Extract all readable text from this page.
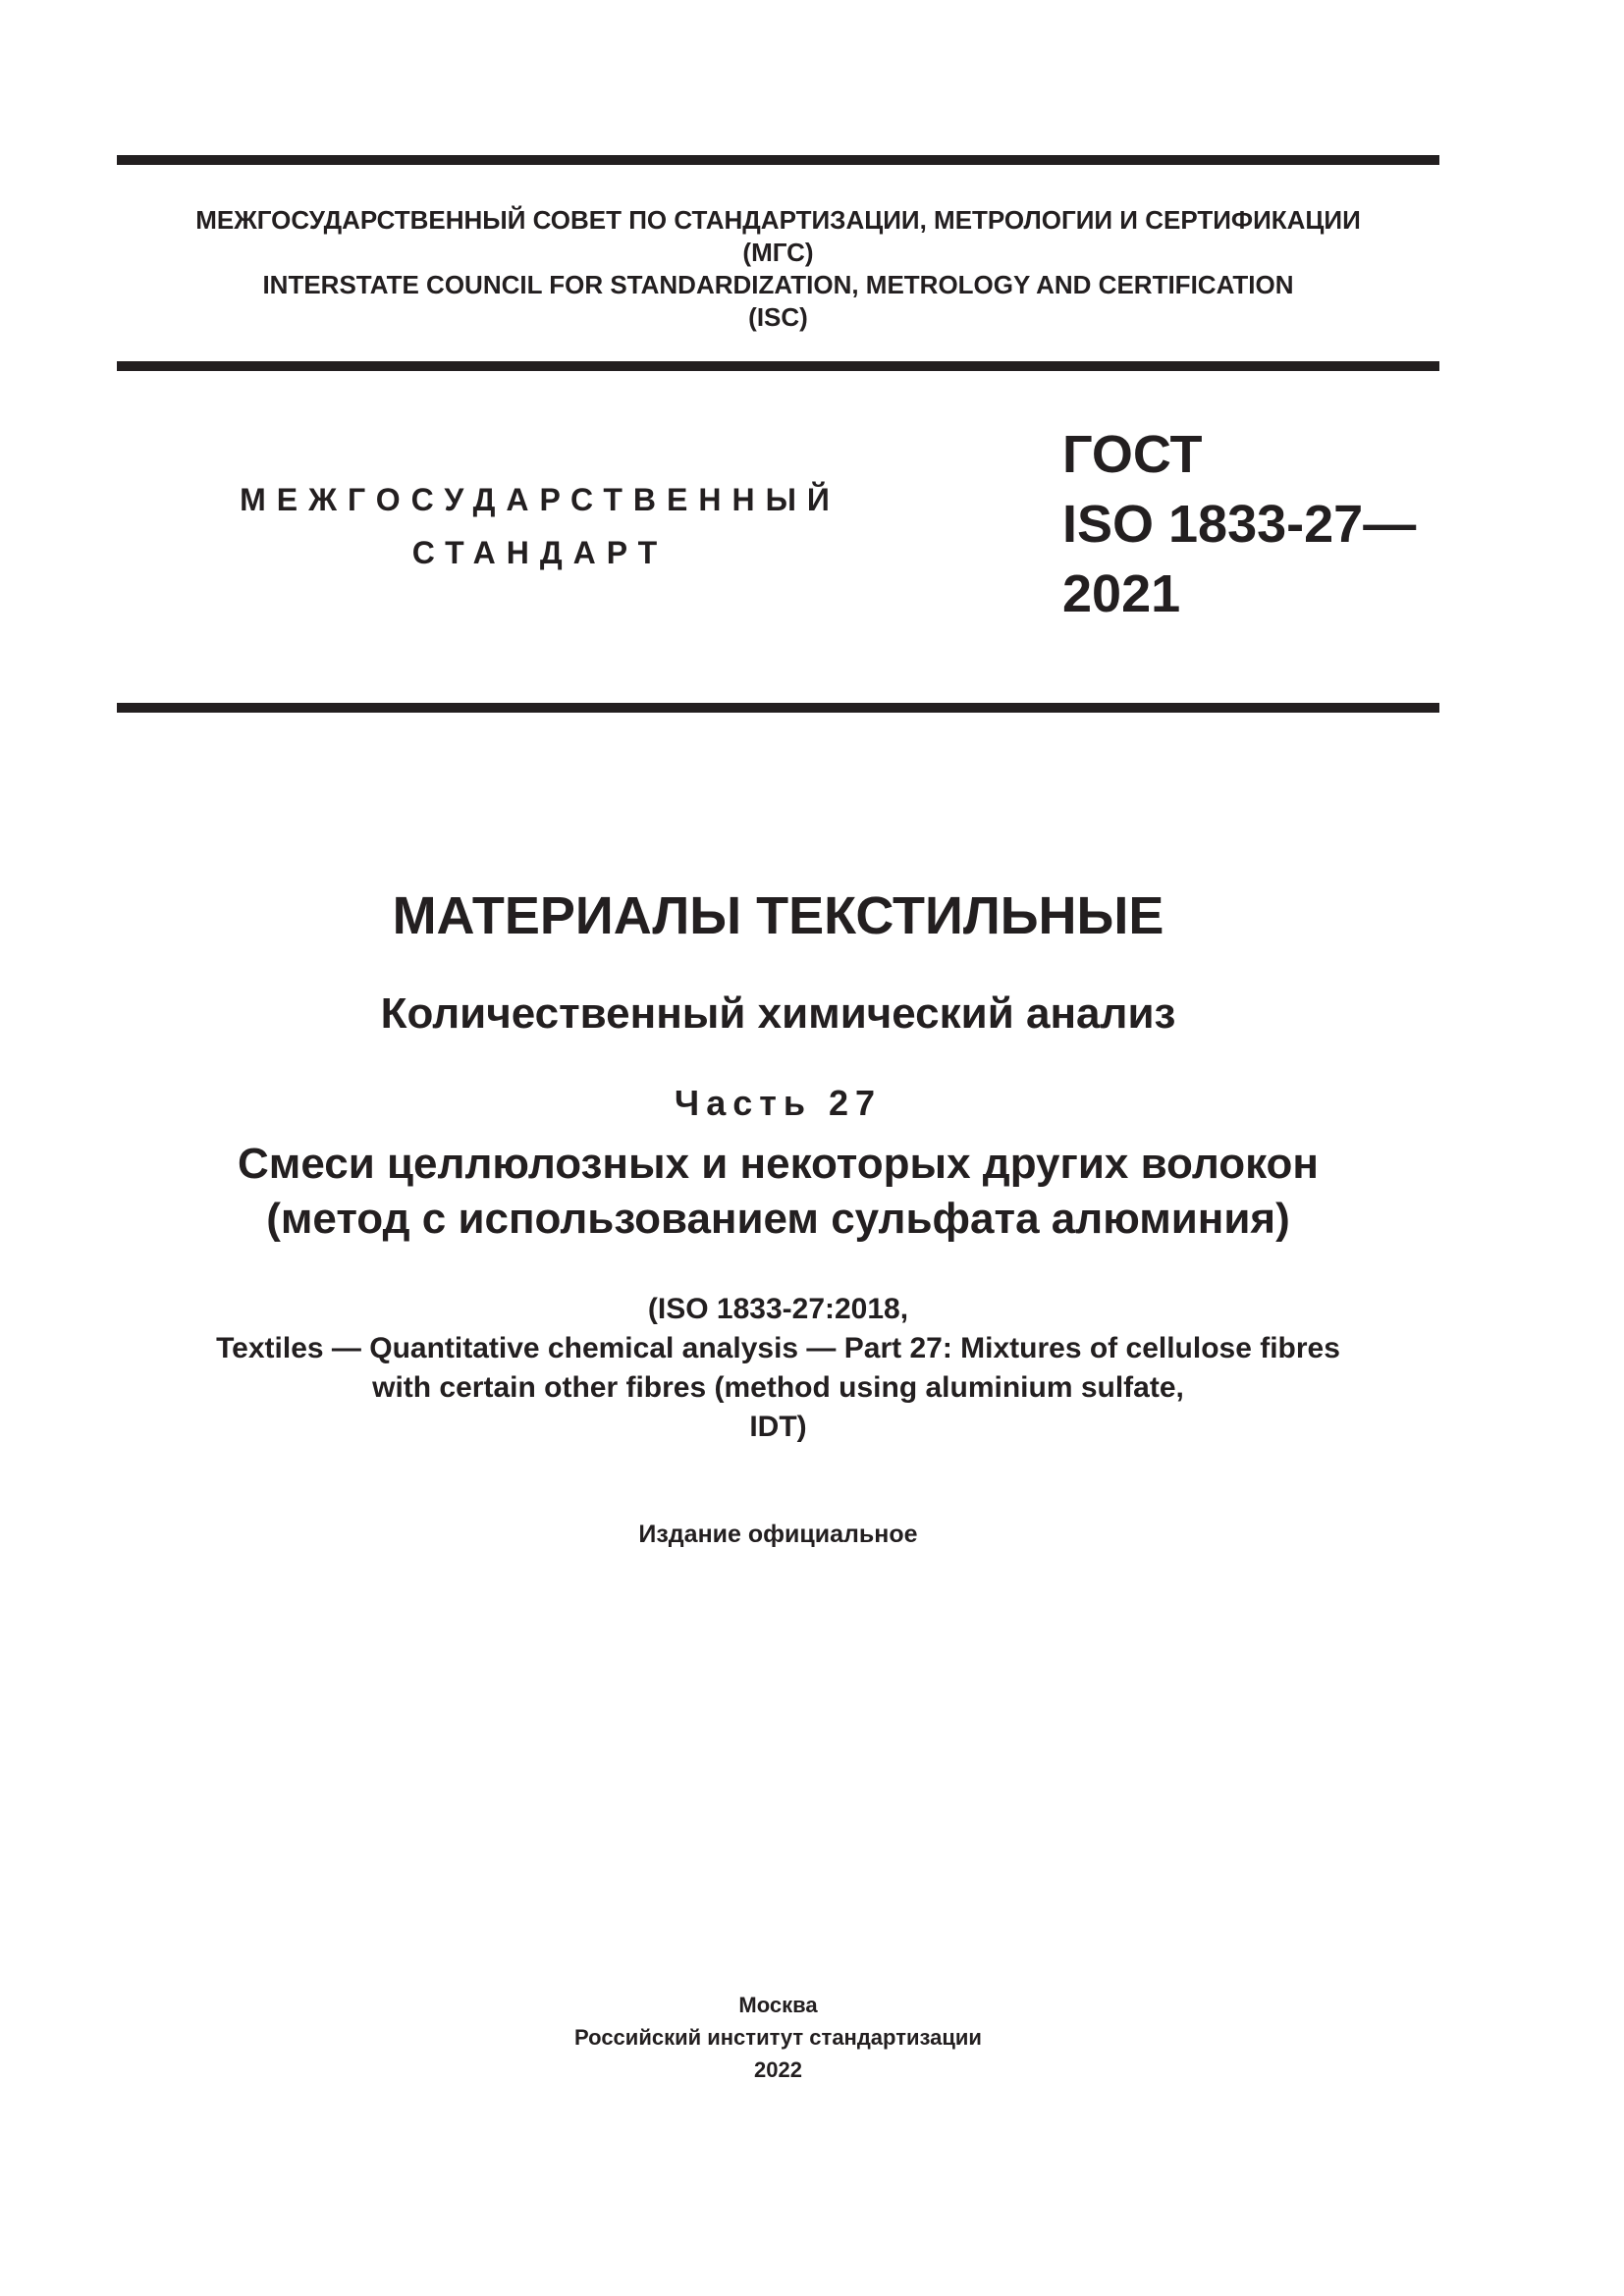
МЕЖГОСУДАРСТВЕННЫЙ СОВЕТ ПО СТАНДАРТИЗАЦИИ, МЕТРОЛОГИИ И СЕРТИФИКАЦИИ
(МГС)
INTERSTATE COUNCIL FOR STANDARDIZATION, METROLOGY AND CERTIFICATION
(ISC)
МЕЖГОСУДАРСТВЕННЫЙ
СТАНДАРТ
ГОСТ
ISO 1833-27—
2021
МАТЕРИАЛЫ ТЕКСТИЛЬНЫЕ
Количественный химический анализ
Часть 27
Смеси целлюлозных и некоторых других волокон
(метод с использованием сульфата алюминия)
(ISO 1833-27:2018,
Textiles — Quantitative chemical analysis — Part 27: Mixtures of cellulose fibres
with certain other fibres (method using aluminium sulfate,
IDT)
Издание официальное
Москва
Российский институт стандартизации
2022
